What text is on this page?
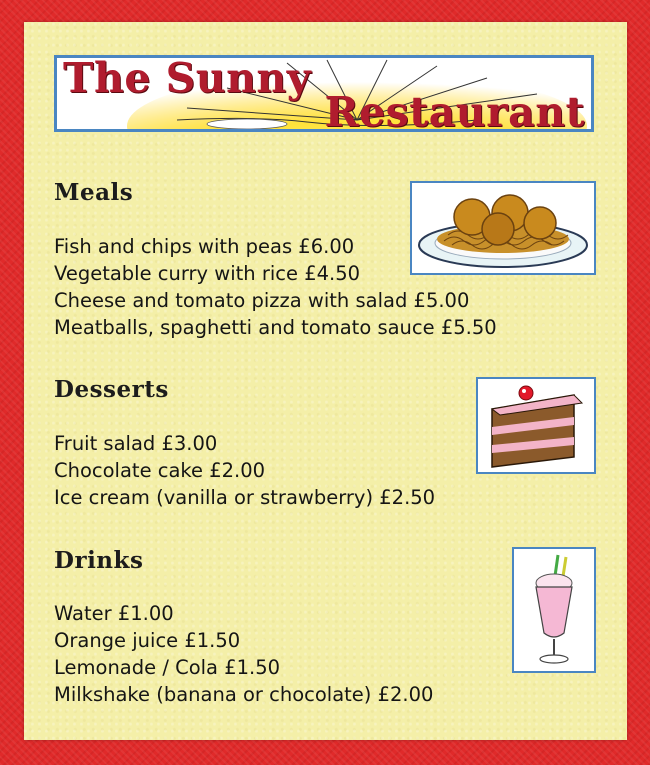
The Sunny
Restaurant
Meals
Fish and chips with peas £6.00
Vegetable curry with rice £4.50
Cheese and tomato pizza with salad £5.00
Meatballs, spaghetti and tomato sauce £5.50
Desserts
Fruit salad £3.00
Chocolate cake £2.00
Ice cream (vanilla or strawberry) £2.50
Drinks
Water £1.00
Orange juice £1.50
Lemonade / Cola £1.50
Milkshake (banana or chocolate) £2.00
